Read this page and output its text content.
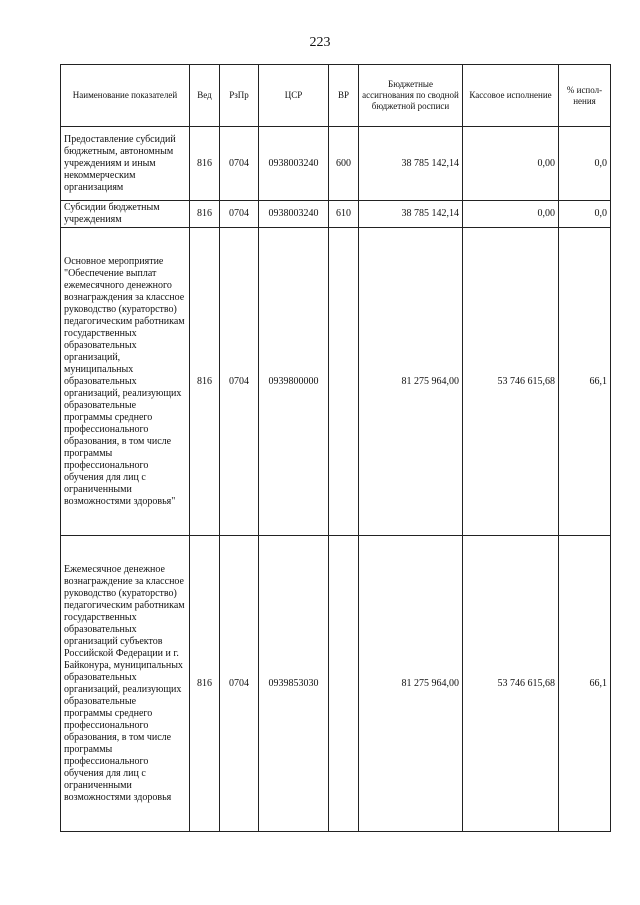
223
Наименование показателей	Вед	РзПр	ЦСР	ВР	Бюджетные ассигнования по сводной бюджетной росписи	Кассовое исполнение	% испол-нения
Предоставление субсидий бюджетным, автономным учреждениям и иным некоммерческим организациям	816	0704	0938003240	600	38 785 142,14	0,00	0,0
Субсидии бюджетным учреждениям	816	0704	0938003240	610	38 785 142,14	0,00	0,0
Основное мероприятие "Обеспечение выплат ежемесячного денежного вознаграждения за классное руководство (кураторство) педагогическим работникам государственных образовательных организаций, муниципальных образовательных организаций, реализующих образовательные программы среднего профессионального образования, в том числе программы профессионального обучения для лиц с ограниченными возможностями здоровья"	816	0704	0939800000		81 275 964,00	53 746 615,68	66,1
Ежемесячное денежное вознаграждение за классное руководство (кураторство) педагогическим работникам государственных образовательных организаций субъектов Российской Федерации и г. Байконура, муниципальных образовательных организаций, реализующих образовательные программы среднего профессионального образования, в том числе программы профессионального обучения для лиц с ограниченными возможностями здоровья	816	0704	0939853030		81 275 964,00	53 746 615,68	66,1
